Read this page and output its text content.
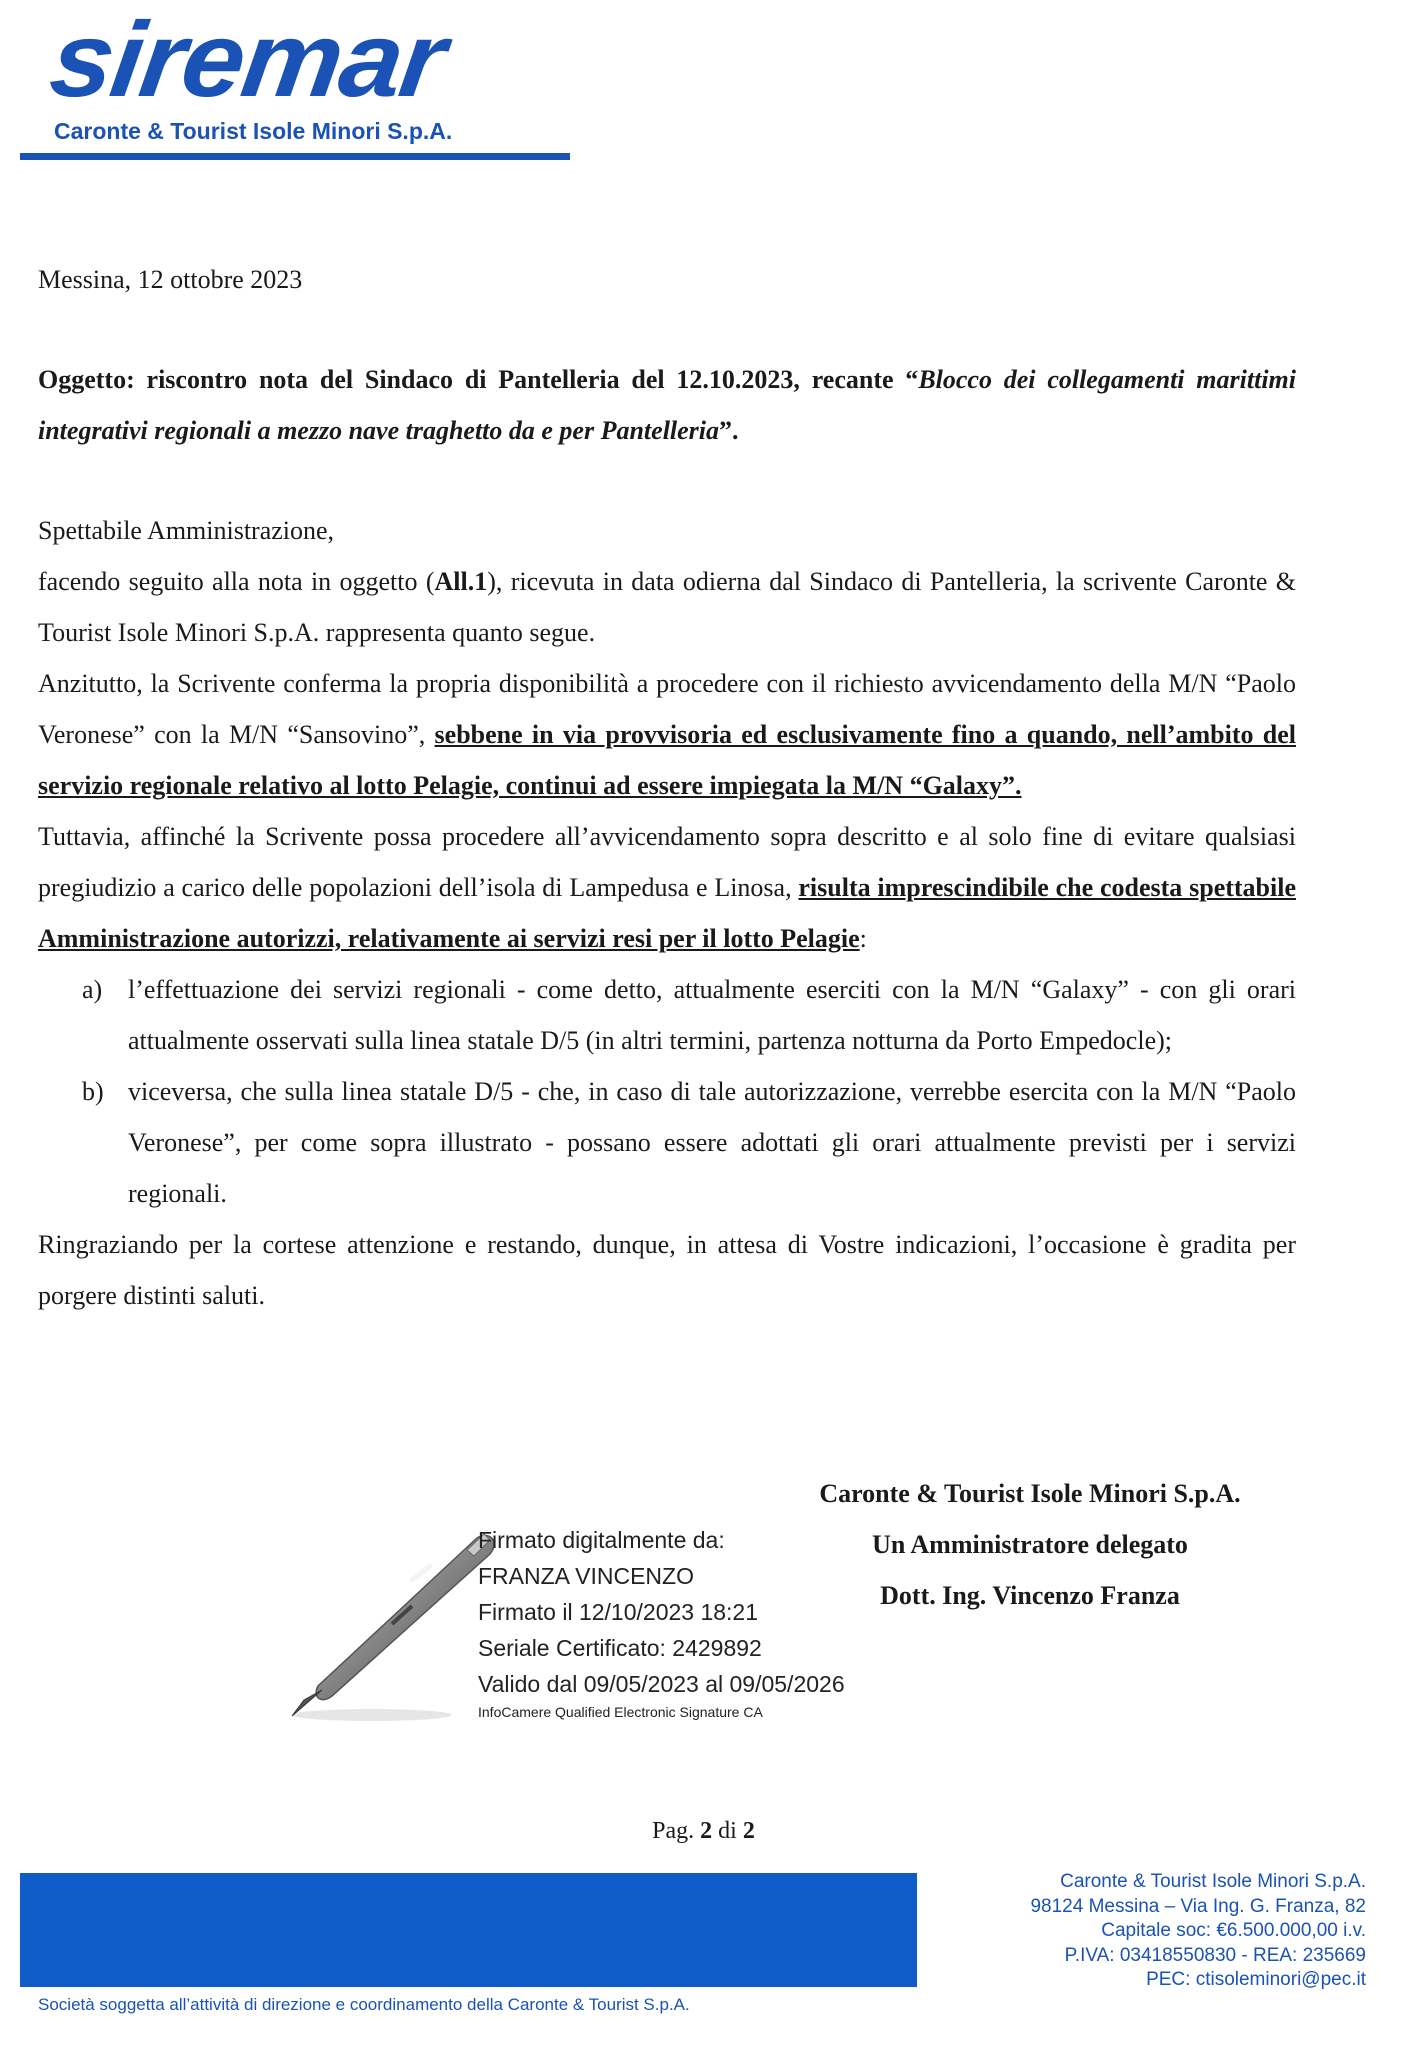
siremar
Caronte & Tourist Isole Minori S.p.A.
Messina, 12 ottobre 2023
Oggetto: riscontro nota del Sindaco di Pantelleria del 12.10.2023, recante “Blocco dei collegamenti marittimi integrativi regionali a mezzo nave traghetto da e per Pantelleria”.

Spettabile Amministrazione,

facendo seguito alla nota in oggetto (All.1), ricevuta in data odierna dal Sindaco di Pantelleria, la scrivente Caronte & Tourist Isole Minori S.p.A. rappresenta quanto segue.

Anzitutto, la Scrivente conferma la propria disponibilità a procedere con il richiesto avvicendamento della M/N “Paolo Veronese” con la M/N “Sansovino”, sebbene in via provvisoria ed esclusivamente fino a quando, nell’ambito del servizio regionale relativo al lotto Pelagie, continui ad essere impiegata la M/N “Galaxy”.

Tuttavia, affinché la Scrivente possa procedere all’avvicendamento sopra descritto e al solo fine di evitare qualsiasi pregiudizio a carico delle popolazioni dell’isola di Lampedusa e Linosa, risulta imprescindibile che codesta spettabile Amministrazione autorizzi, relativamente ai servizi resi per il lotto Pelagie:

a) l’effettuazione dei servizi regionali - come detto, attualmente eserciti con la M/N “Galaxy” - con gli orari attualmente osservati sulla linea statale D/5 (in altri termini, partenza notturna da Porto Empedocle);
b) viceversa, che sulla linea statale D/5 - che, in caso di tale autorizzazione, verrebbe esercita con la M/N “Paolo Veronese”, per come sopra illustrato - possano essere adottati gli orari attualmente previsti per i servizi regionali.

Ringraziando per la cortese attenzione e restando, dunque, in attesa di Vostre indicazioni, l’occasione è gradita per porgere distinti saluti.

Caronte & Tourist Isole Minori S.p.A.
Un Amministratore delegato
Dott. Ing. Vincenzo Franza
Firmato digitalmente da:
FRANZA VINCENZO
Firmato il 12/10/2023 18:21
Seriale Certificato: 2429892
Valido dal 09/05/2023 al 09/05/2026
InfoCamere Qualified Electronic Signature CA
Pag. 2 di 2
Caronte & Tourist Isole Minori S.p.A.
98124 Messina – Via Ing. G. Franza, 82
Capitale soc: €6.500.000,00 i.v.
P.IVA: 03418550830 - REA: 235669
PEC: ctisoleminori@pec.it
Società soggetta all’attività di direzione e coordinamento della Caronte & Tourist S.p.A.
